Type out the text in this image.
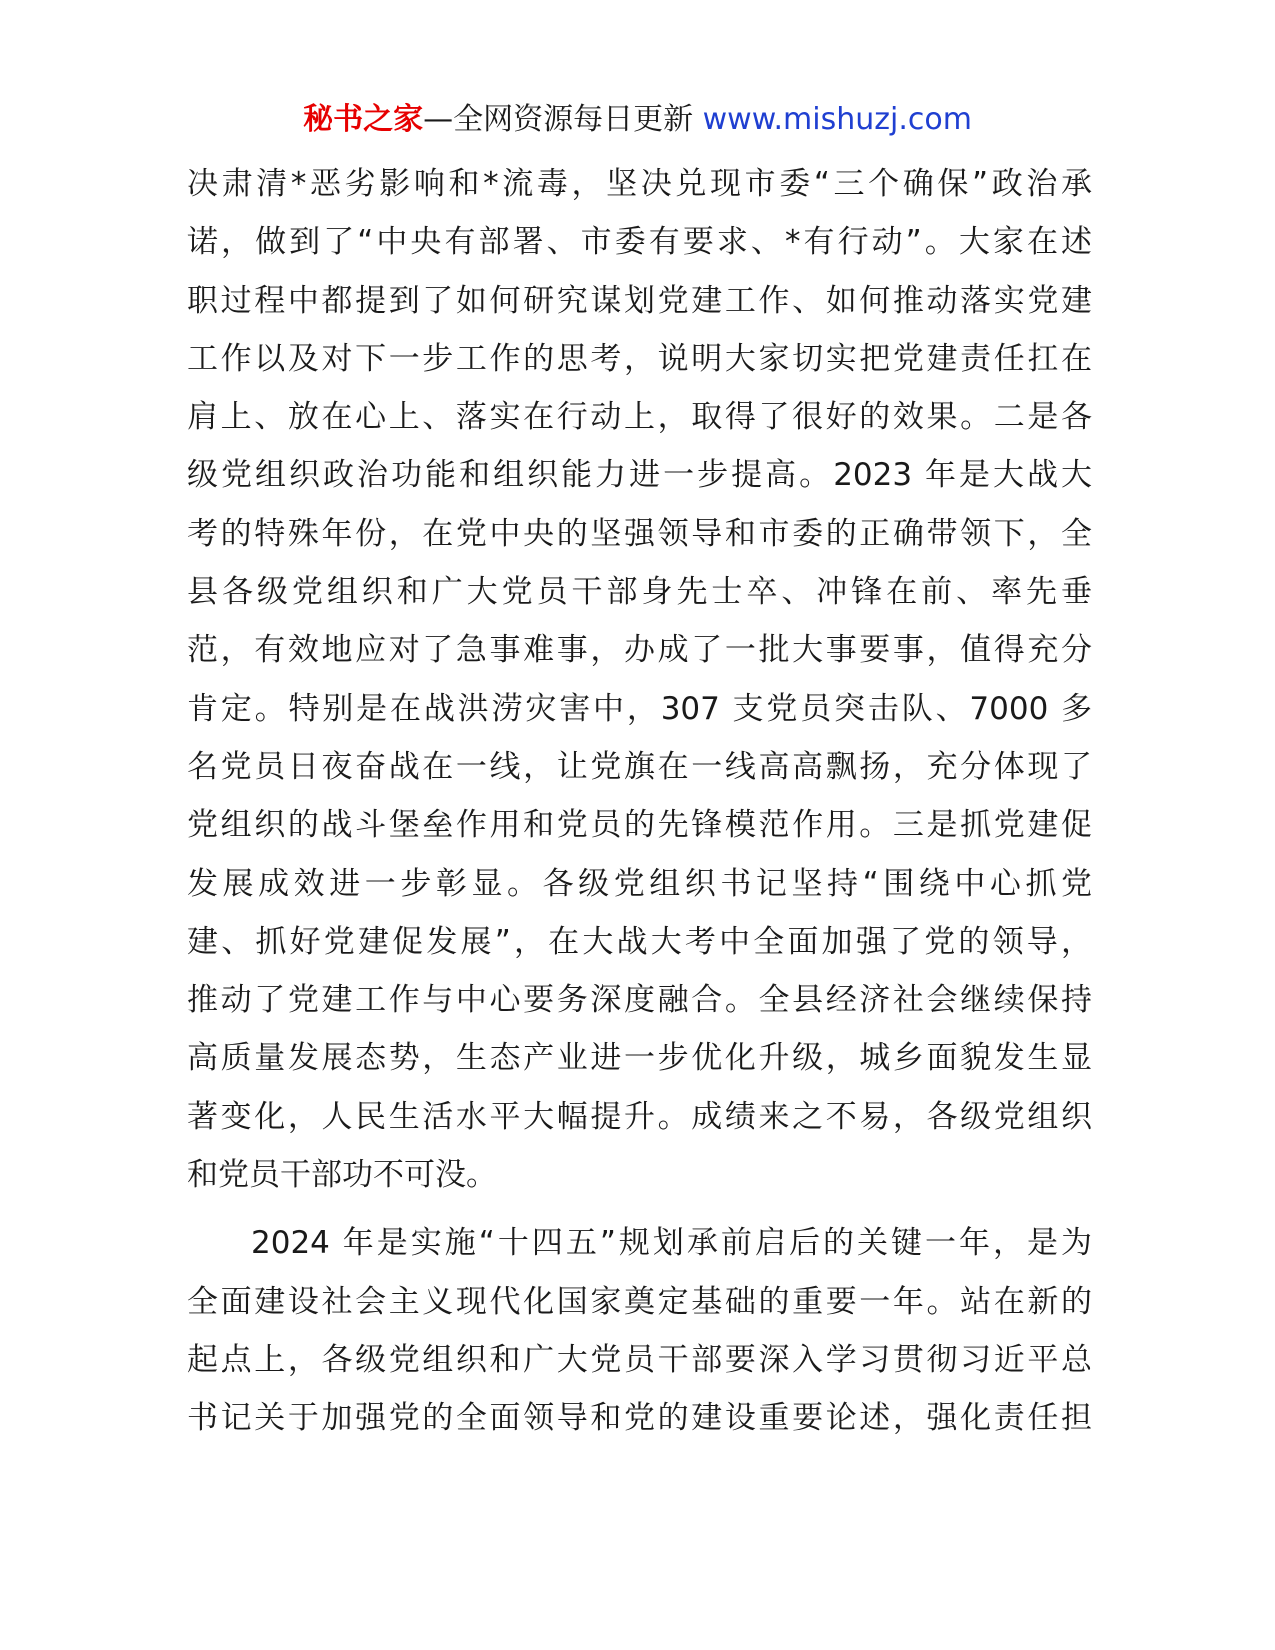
秘书之家—全网资源每日更新 www.mishuzj.com
决肃清*恶劣影响和*流毒，坚决兑现市委“三个确保”政治承
诺，做到了“中央有部署、市委有要求、*有行动”。大家在述
职过程中都提到了如何研究谋划党建工作、如何推动落实党建
工作以及对下一步工作的思考，说明大家切实把党建责任扛在
肩上、放在心上、落实在行动上，取得了很好的效果。二是各
级党组织政治功能和组织能力进一步提高。2023 年是大战大
考的特殊年份，在党中央的坚强领导和市委的正确带领下，全
县各级党组织和广大党员干部身先士卒、冲锋在前、率先垂
范，有效地应对了急事难事，办成了一批大事要事，值得充分
肯定。特别是在战洪涝灾害中，307 支党员突击队、7000 多
名党员日夜奋战在一线，让党旗在一线高高飘扬，充分体现了
党组织的战斗堡垒作用和党员的先锋模范作用。三是抓党建促
发展成效进一步彰显。各级党组织书记坚持“围绕中心抓党
建、抓好党建促发展”，在大战大考中全面加强了党的领导，
推动了党建工作与中心要务深度融合。全县经济社会继续保持
高质量发展态势，生态产业进一步优化升级，城乡面貌发生显
著变化，人民生活水平大幅提升。成绩来之不易，各级党组织
和党员干部功不可没。
2024 年是实施“十四五”规划承前启后的关键一年，是为
全面建设社会主义现代化国家奠定基础的重要一年。站在新的
起点上，各级党组织和广大党员干部要深入学习贯彻习近平总
书记关于加强党的全面领导和党的建设重要论述，强化责任担
